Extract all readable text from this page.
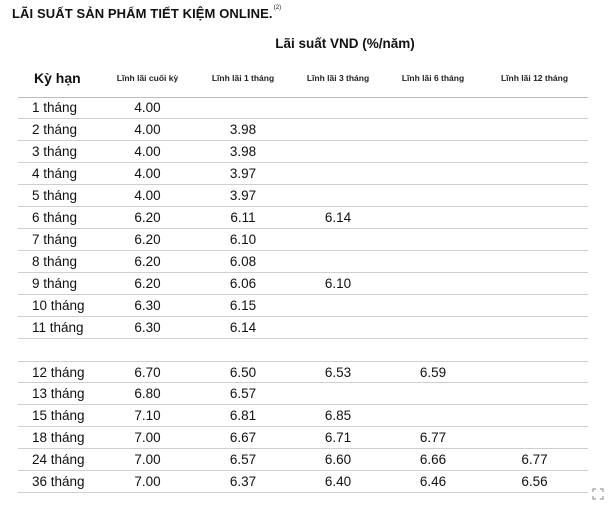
LÃI SUẤT SẢN PHẨM TIẾT KIỆM ONLINE.$^{(2)}$
Lãi suất VND (%/năm)
Kỳ hạn	Lĩnh lãi cuối kỳ	Lĩnh lãi 1 tháng	Lĩnh lãi 3 tháng	Lĩnh lãi 6 tháng	Lĩnh lãi 12 tháng
1 tháng	4.00
2 tháng	4.00	3.98
3 tháng	4.00	3.98
4 tháng	4.00	3.97
5 tháng	4.00	3.97
6 tháng	6.20	6.11	6.14
7 tháng	6.20	6.10
8 tháng	6.20	6.08
9 tháng	6.20	6.06	6.10
10 tháng	6.30	6.15
11 tháng	6.30	6.14
12 tháng	6.70	6.50	6.53	6.59
13 tháng	6.80	6.57
15 tháng	7.10	6.81	6.85
18 tháng	7.00	6.67	6.71	6.77
24 tháng	7.00	6.57	6.60	6.66	6.77
36 tháng	7.00	6.37	6.40	6.46	6.56
